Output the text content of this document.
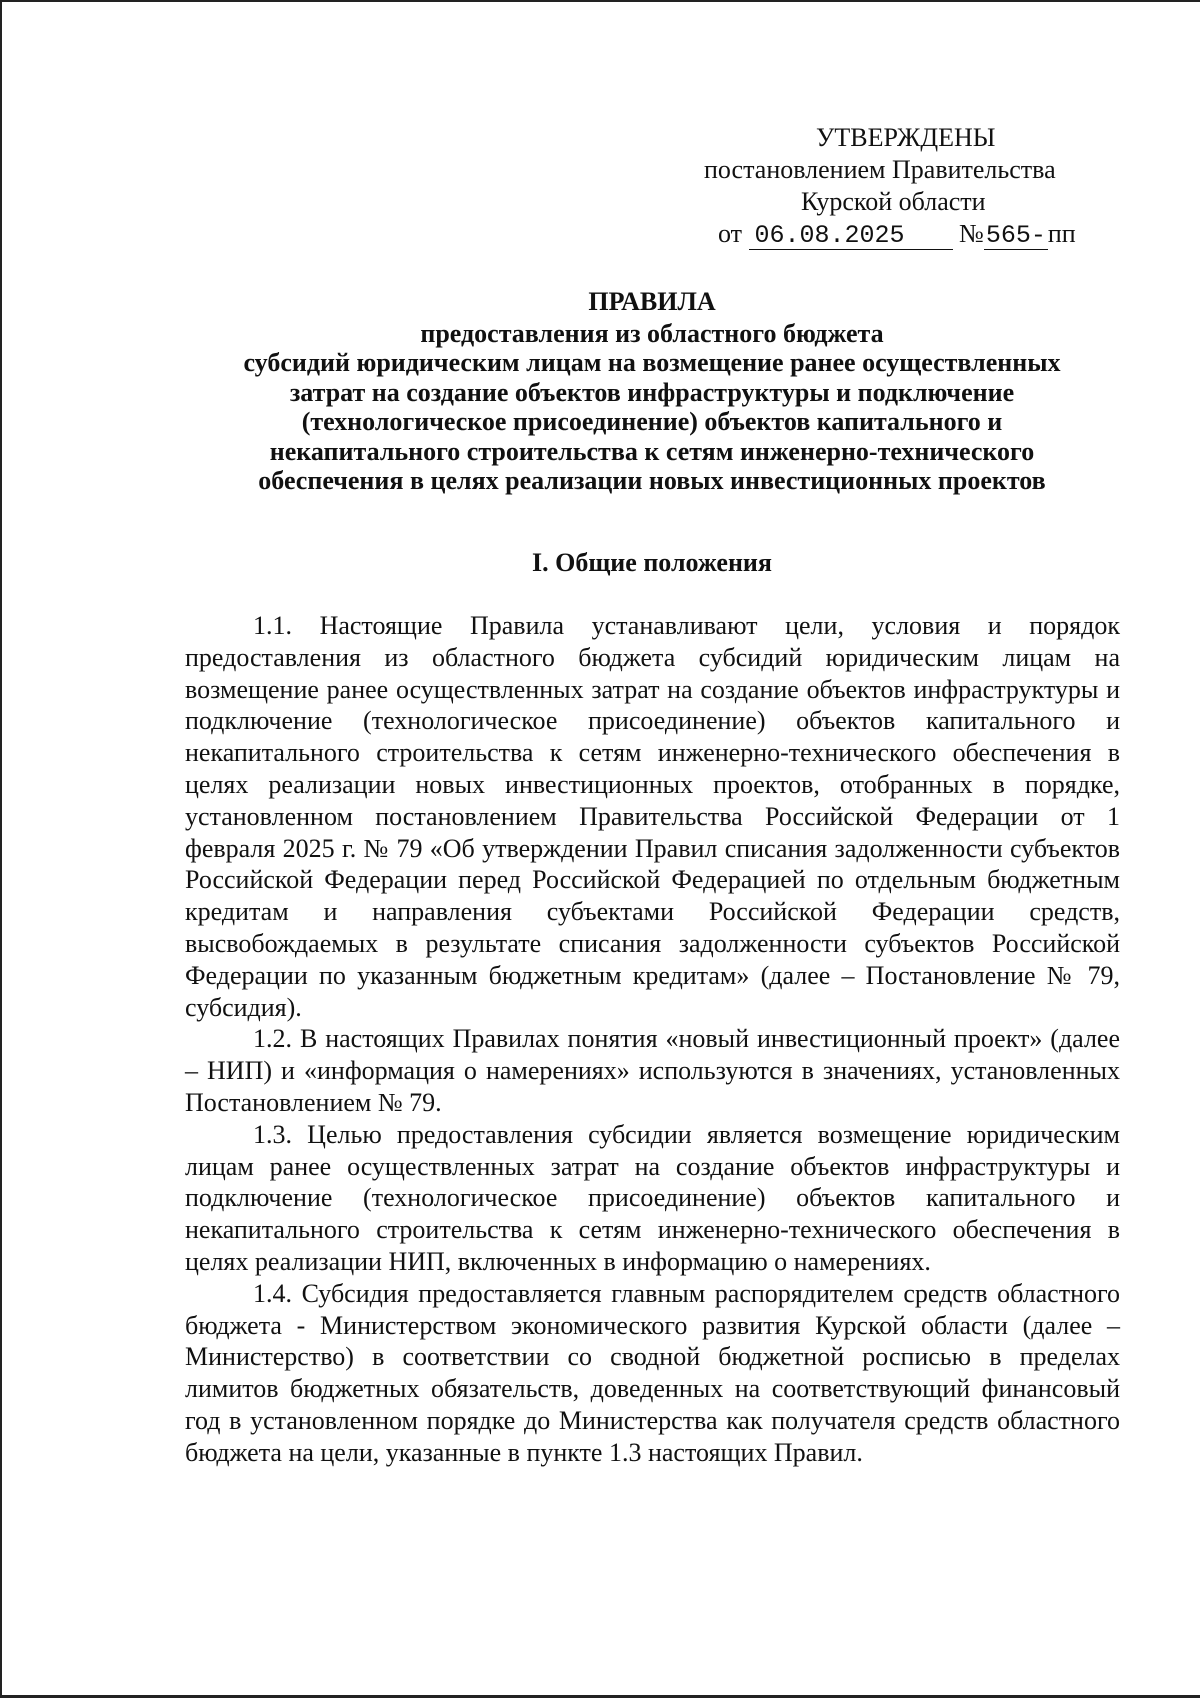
УТВЕРЖДЕНЫ
постановлением Правительства
Курской области
от 06.08.2025 №565-пп
ПРАВИЛА
предоставления из областного бюджета
субсидий юридическим лицам на возмещение ранее осуществленных
затрат на создание объектов инфраструктуры и подключение
(технологическое присоединение) объектов капитального и
некапитального строительства к сетям инженерно-технического
обеспечения в целях реализации новых инвестиционных проектов
I. Общие положения

1.1. Настоящие Правила устанавливают цели, условия и порядок предоставления из областного бюджета субсидий юридическим лицам на возмещение ранее осуществленных затрат на создание объектов инфраструктуры и подключение (технологическое присоединение) объектов капитального и некапитального строительства к сетям инженерно-технического обеспечения в целях реализации новых инвестиционных проектов, отобранных в порядке, установленном постановлением Правительства Российской Федерации от 1 февраля 2025 г. № 79 «Об утверждении Правил списания задолженности субъектов Российской Федерации перед Российской Федерацией по отдельным бюджетным кредитам и направления субъектами Российской Федерации средств, высвобождаемых в результате списания задолженности субъектов Российской Федерации по указанным бюджетным кредитам» (далее – Постановление № 79, субсидия).

1.2. В настоящих Правилах понятия «новый инвестиционный проект» (далее – НИП) и «информация о намерениях» используются в значениях, установленных Постановлением № 79.

1.3. Целью предоставления субсидии является возмещение юридическим лицам ранее осуществленных затрат на создание объектов инфраструктуры и подключение (технологическое присоединение) объектов капитального и некапитального строительства к сетям инженерно-технического обеспечения в целях реализации НИП, включенных в информацию о намерениях.

1.4. Субсидия предоставляется главным распорядителем средств областного бюджета - Министерством экономического развития Курской области (далее – Министерство) в соответствии со сводной бюджетной росписью в пределах лимитов бюджетных обязательств, доведенных на соответствующий финансовый год в установленном порядке до Министерства как получателя средств областного бюджета на цели, указанные в пункте 1.3 настоящих Правил.
